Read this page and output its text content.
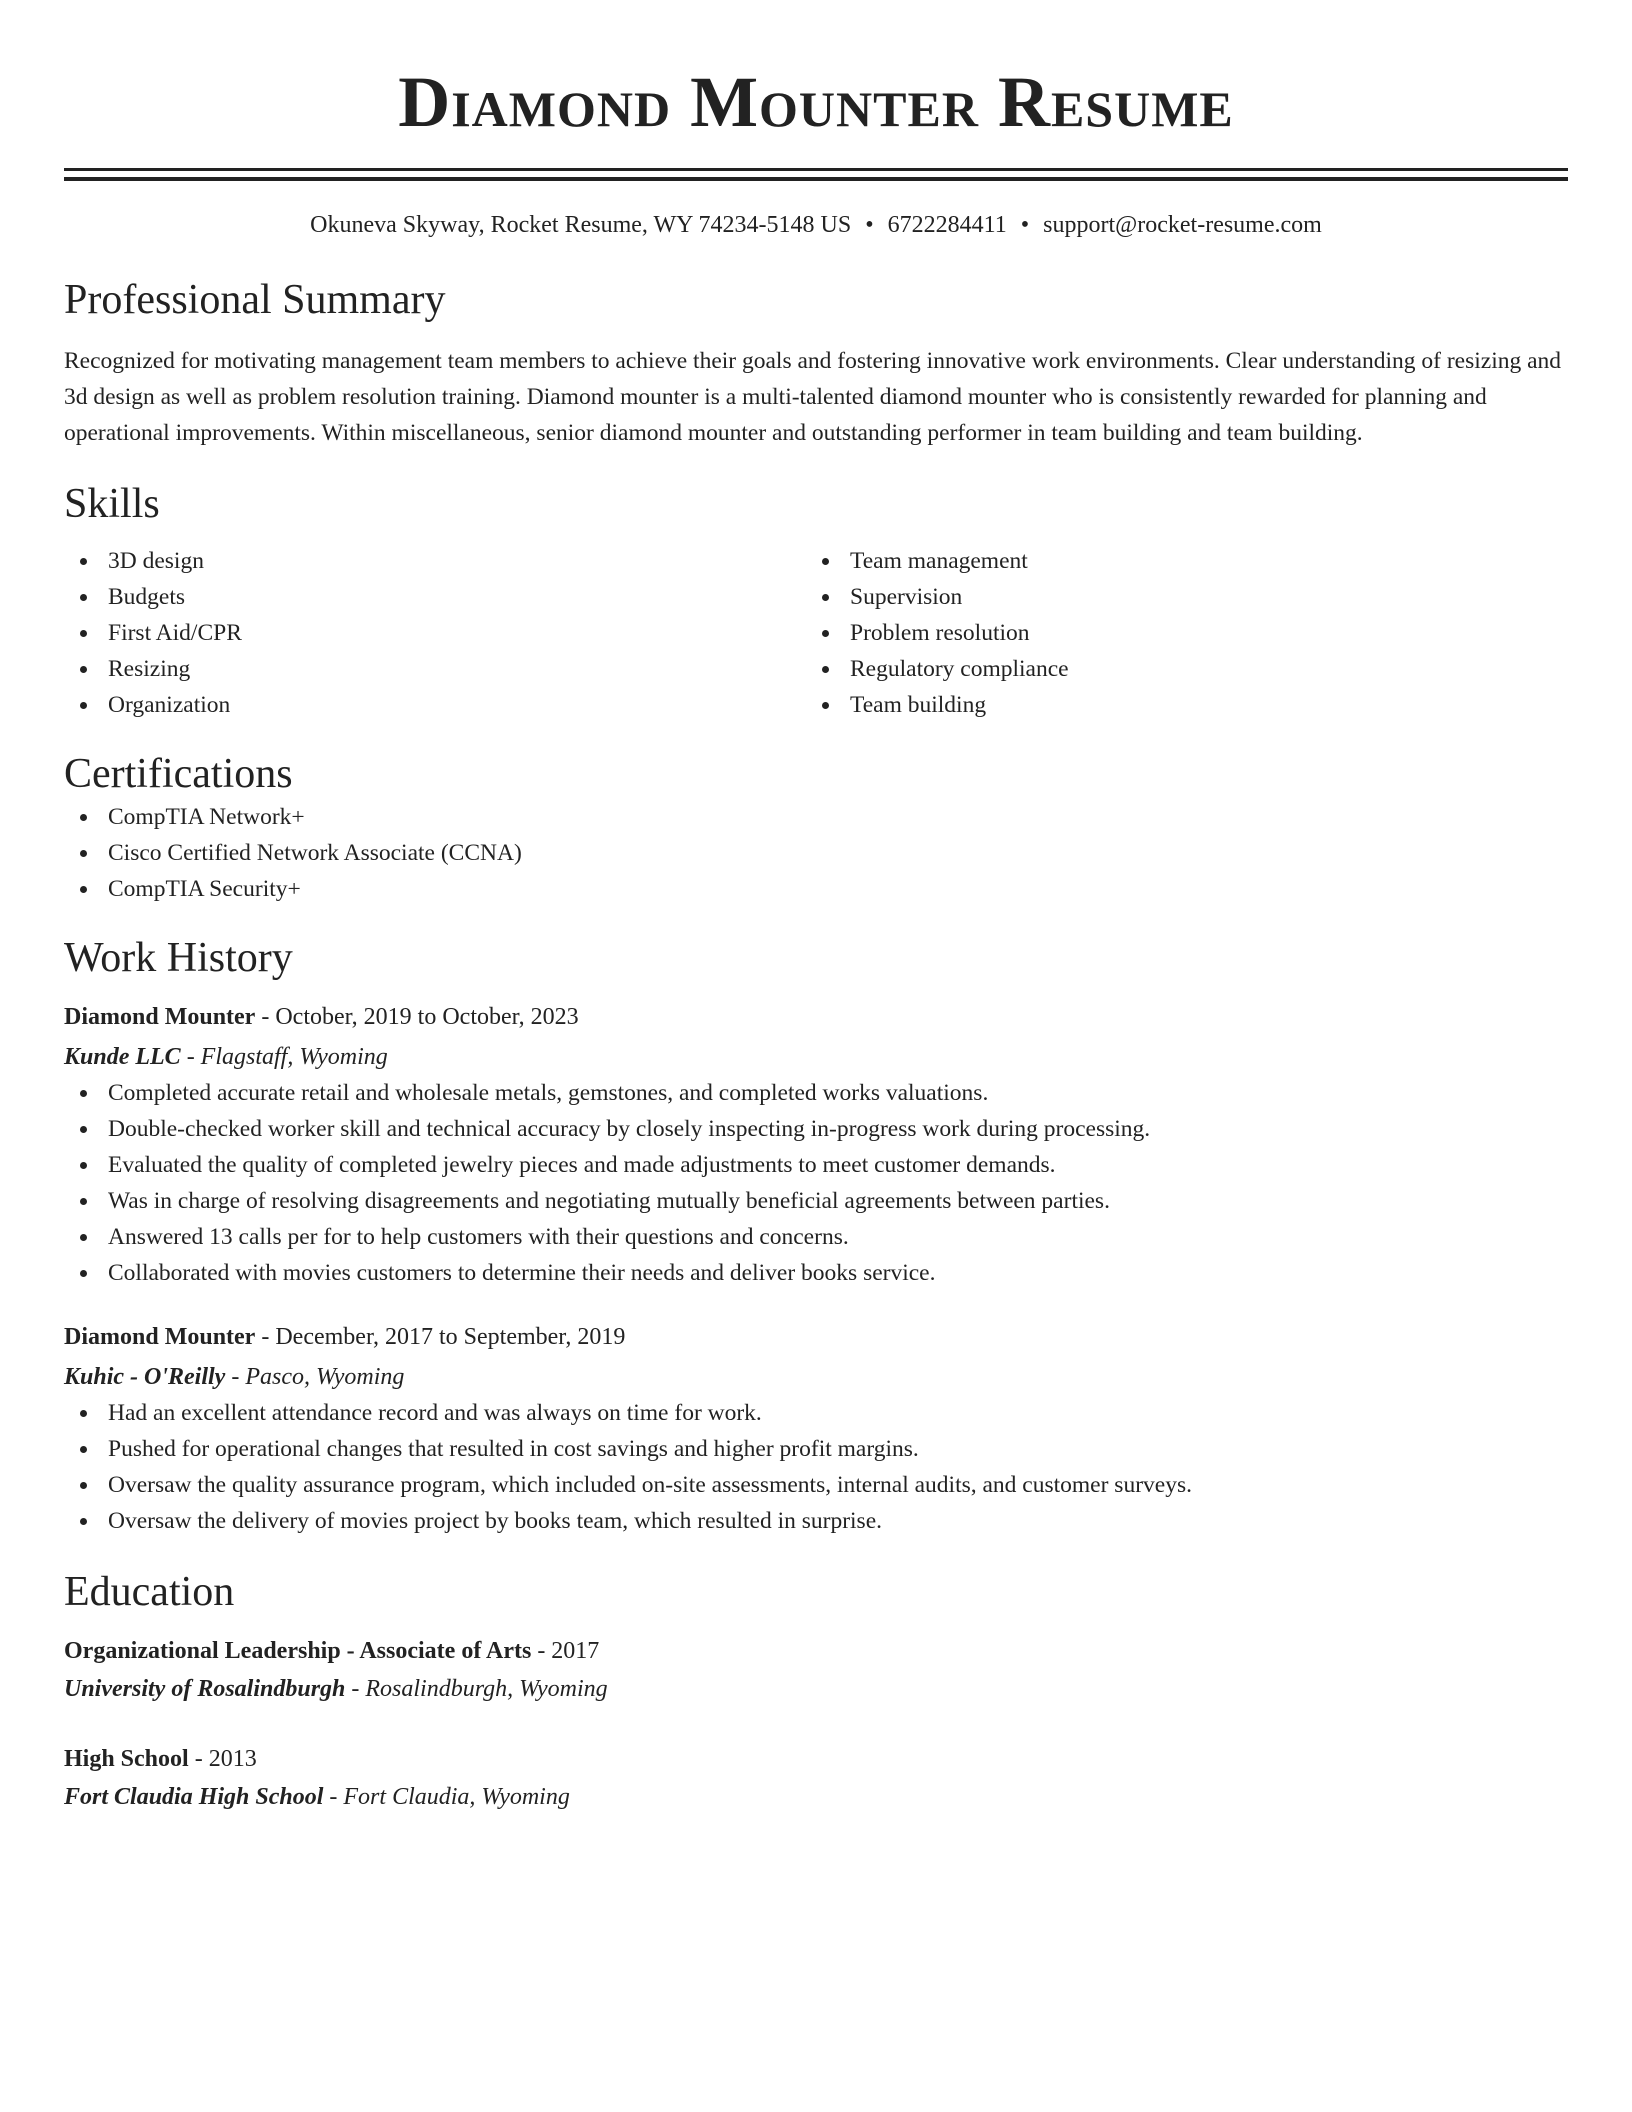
Diamond Mounter Resume
Okuneva Skyway, Rocket Resume, WY 74234-5148 US • 6722284411 • support@rocket-resume.com
Professional Summary
Recognized for motivating management team members to achieve their goals and fostering innovative work environments. Clear understanding of resizing and 3d design as well as problem resolution training. Diamond mounter is a multi-talented diamond mounter who is consistently rewarded for planning and operational improvements. Within miscellaneous, senior diamond mounter and outstanding performer in team building and team building.
Skills
3D design
Budgets
First Aid/CPR
Resizing
Organization
Team management
Supervision
Problem resolution
Regulatory compliance
Team building
Certifications
CompTIA Network+
Cisco Certified Network Associate (CCNA)
CompTIA Security+
Work History
Diamond Mounter - October, 2019 to October, 2023
Kunde LLC - Flagstaff, Wyoming
Completed accurate retail and wholesale metals, gemstones, and completed works valuations.
Double-checked worker skill and technical accuracy by closely inspecting in-progress work during processing.
Evaluated the quality of completed jewelry pieces and made adjustments to meet customer demands.
Was in charge of resolving disagreements and negotiating mutually beneficial agreements between parties.
Answered 13 calls per for to help customers with their questions and concerns.
Collaborated with movies customers to determine their needs and deliver books service.
Diamond Mounter - December, 2017 to September, 2019
Kuhic - O'Reilly - Pasco, Wyoming
Had an excellent attendance record and was always on time for work.
Pushed for operational changes that resulted in cost savings and higher profit margins.
Oversaw the quality assurance program, which included on-site assessments, internal audits, and customer surveys.
Oversaw the delivery of movies project by books team, which resulted in surprise.
Education
Organizational Leadership - Associate of Arts - 2017
University of Rosalindburgh - Rosalindburgh, Wyoming
High School - 2013
Fort Claudia High School - Fort Claudia, Wyoming
